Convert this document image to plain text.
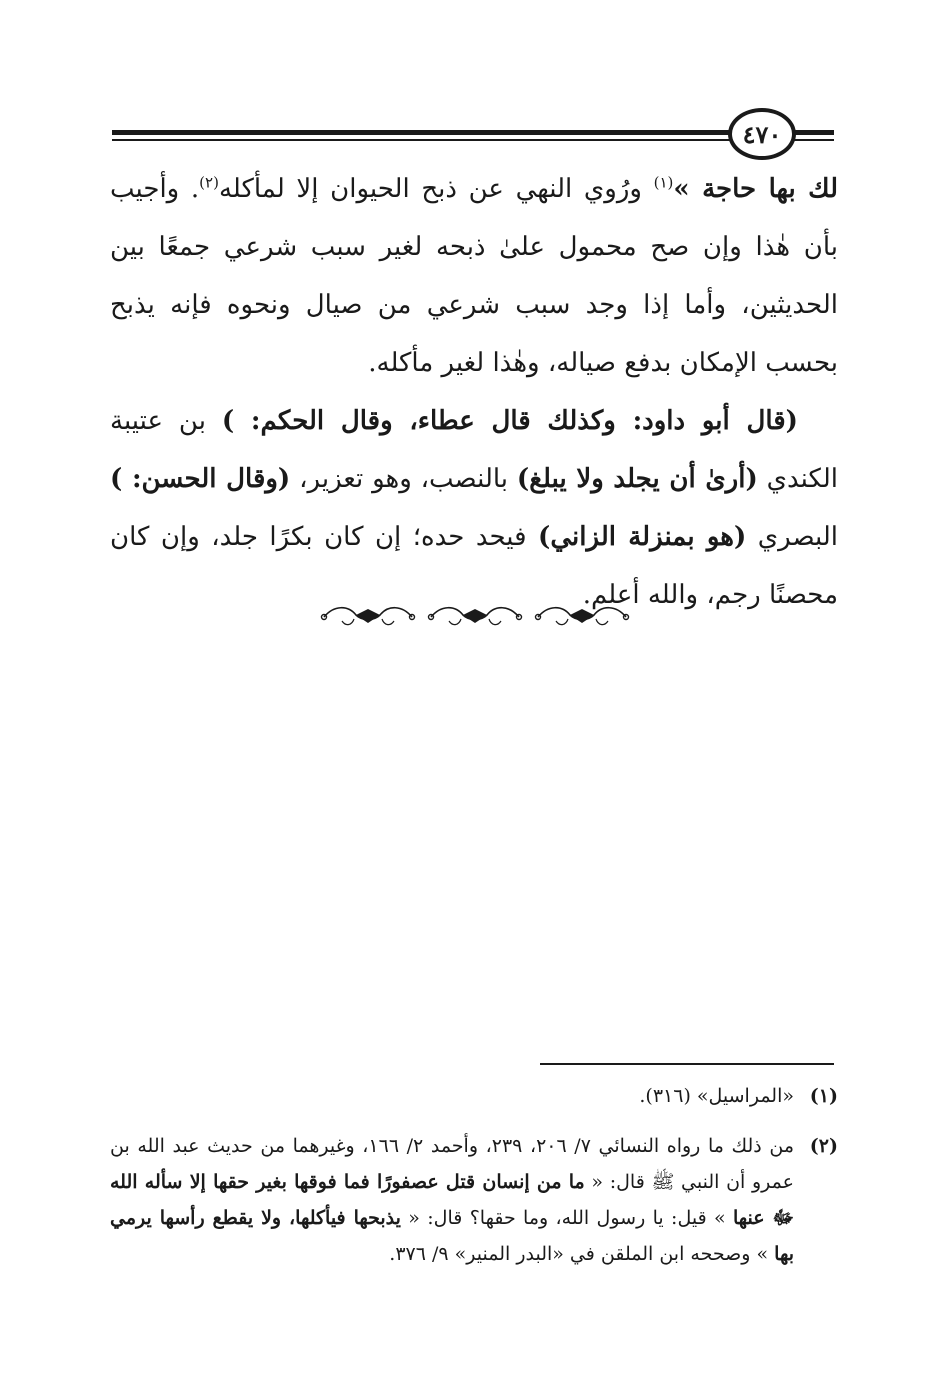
٤٧٠

لك بها حاجة »$^{(١)}$ ورُوي النهي عن ذبح الحيوان إلا لمأكله$^{(٢)}$. وأجيب بأن هٰذا وإن صح محمول علىٰ ذبحه لغير سبب شرعي جمعًا بين الحديثين، وأما إذا وجد سبب شرعي من صيال ونحوه فإنه يذبح بحسب الإمكان بدفع صياله، وهٰذا لغير مأكله.

(قال أبو داود: وكذلك قال عطاء، وقال الحكم: ) بن عتيبة الكندي (أرىٰ أن يجلد ولا يبلغ) بالنصب، وهو تعزير، (وقال الحسن: ) البصري (هو بمنزلة الزاني) فيحد حده؛ إن كان بكرًا جلد، وإن كان محصنًا رجم، والله أعلم.

(١)
«المراسيل» (٣١٦).
(٢)
من ذلك ما رواه النسائي ٧/ ٢٠٦، ٢٣٩، وأحمد ٢/ ١٦٦، وغيرهما من حديث عبد الله بن عمرو أن النبي ﷺ قال: « ما من إنسان قتل عصفورًا فما فوقها بغير حقها إلا سأله الله ﷻ عنها » قيل: يا رسول الله، وما حقها؟ قال: « يذبحها فيأكلها، ولا يقطع رأسها يرمي بها » وصححه ابن الملقن في «البدر المنير» ٩/ ٣٧٦.
